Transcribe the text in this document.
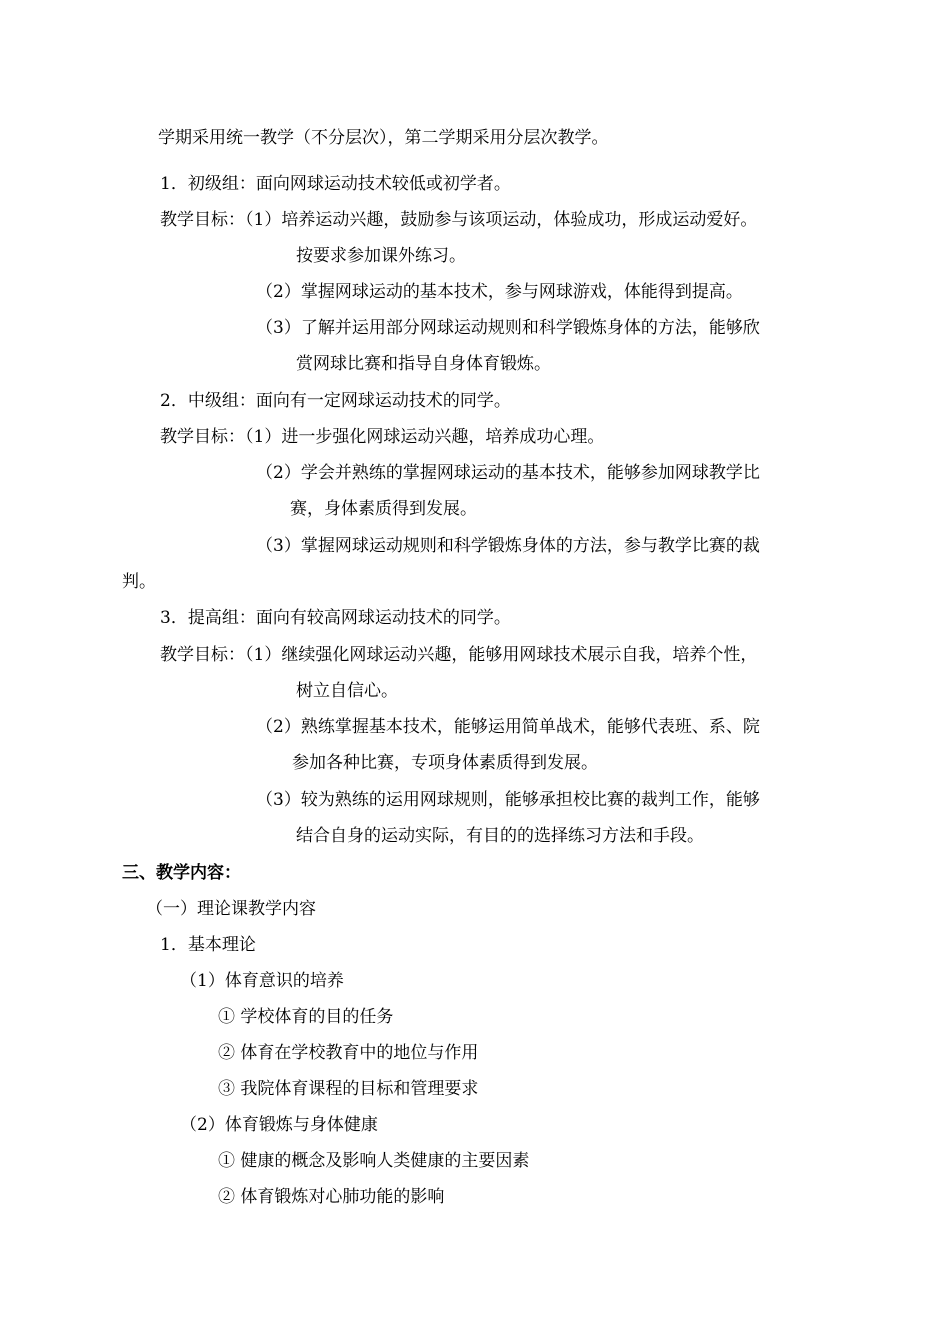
学期采用统一教学（不分层次），第二学期采用分层次教学。
1．初级组：面向网球运动技术较低或初学者。
教学目标：（1）培养运动兴趣，鼓励参与该项运动，体验成功，形成运动爱好。
按要求参加课外练习。
（2）掌握网球运动的基本技术，参与网球游戏，体能得到提高。
（3）了解并运用部分网球运动规则和科学锻炼身体的方法，能够欣
赏网球比赛和指导自身体育锻炼。
2．中级组：面向有一定网球运动技术的同学。
教学目标：（1）进一步强化网球运动兴趣，培养成功心理。
（2）学会并熟练的掌握网球运动的基本技术，能够参加网球教学比
赛，身体素质得到发展。
（3）掌握网球运动规则和科学锻炼身体的方法，参与教学比赛的裁
判。
3．提高组：面向有较高网球运动技术的同学。
教学目标：（1）继续强化网球运动兴趣，能够用网球技术展示自我，培养个性，
树立自信心。
（2）熟练掌握基本技术，能够运用简单战术，能够代表班、系、院
参加各种比赛，专项身体素质得到发展。
（3）较为熟练的运用网球规则，能够承担校比赛的裁判工作，能够
结合自身的运动实际，有目的的选择练习方法和手段。
三、教学内容：
（一）理论课教学内容
1．基本理论
（1）体育意识的培养
① 学校体育的目的任务
② 体育在学校教育中的地位与作用
③ 我院体育课程的目标和管理要求
（2）体育锻炼与身体健康
① 健康的概念及影响人类健康的主要因素
② 体育锻炼对心肺功能的影响
